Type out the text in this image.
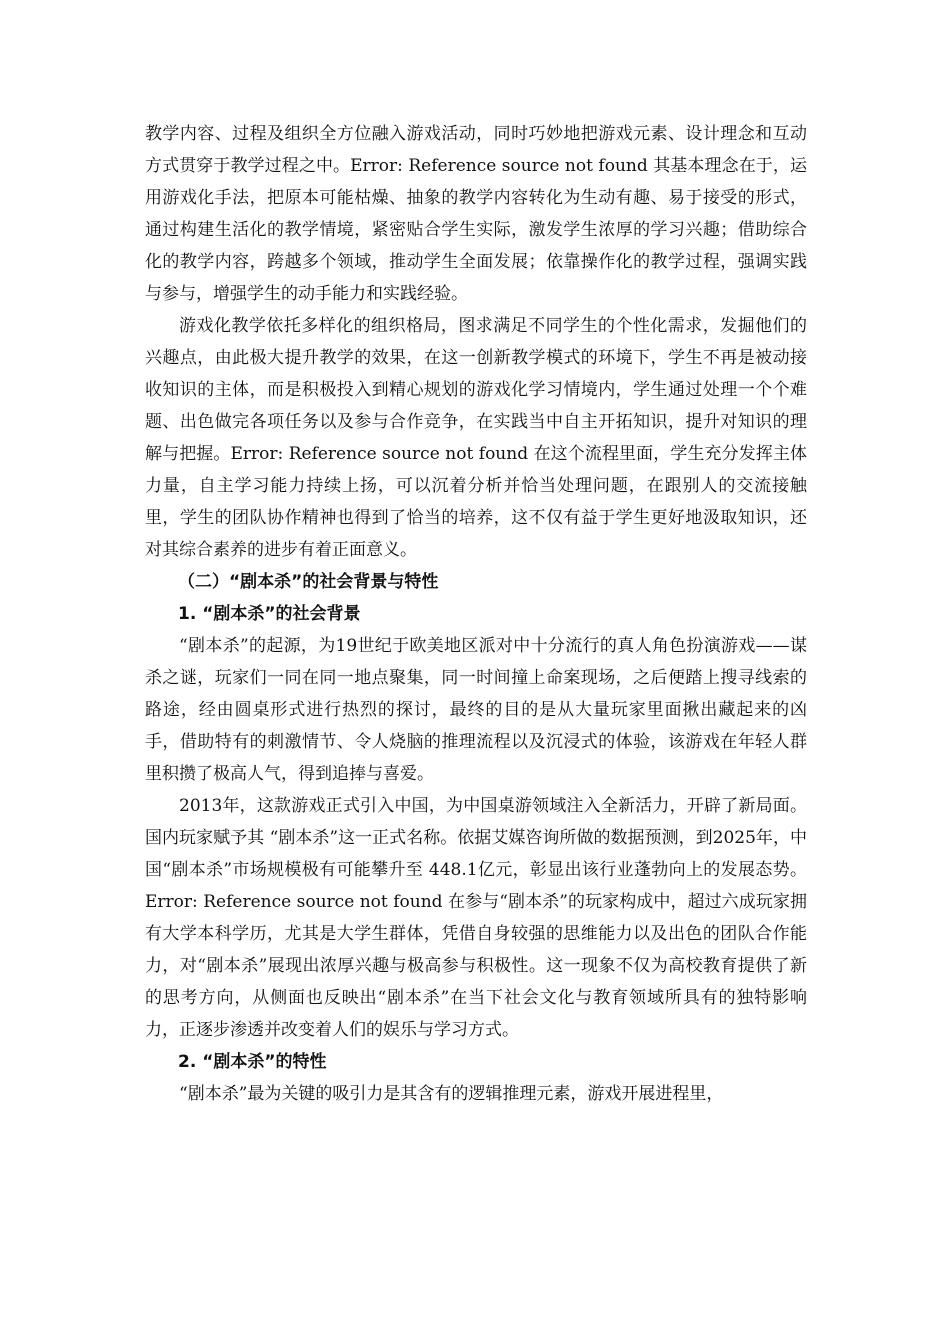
教学内容、过程及组织全方位融入游戏活动，同时巧妙地把游戏元素、设计理念和互动方式贯穿于教学过程之中。Error: Reference source not found 其基本理念在于，运用游戏化手法，把原本可能枯燥、抽象的教学内容转化为生动有趣、易于接受的形式，通过构建生活化的教学情境，紧密贴合学生实际，激发学生浓厚的学习兴趣；借助综合化的教学内容，跨越多个领域，推动学生全面发展；依靠操作化的教学过程，强调实践与参与，增强学生的动手能力和实践经验。

游戏化教学依托多样化的组织格局，图求满足不同学生的个性化需求，发掘他们的兴趣点，由此极大提升教学的效果，在这一创新教学模式的环境下，学生不再是被动接收知识的主体，而是积极投入到精心规划的游戏化学习情境内，学生通过处理一个个难题、出色做完各项任务以及参与合作竞争，在实践当中自主开拓知识，提升对知识的理解与把握。Error: Reference source not found 在这个流程里面，学生充分发挥主体力量，自主学习能力持续上扬，可以沉着分析并恰当处理问题，在跟别人的交流接触里，学生的团队协作精神也得到了恰当的培养，这不仅有益于学生更好地汲取知识，还对其综合素养的进步有着正面意义。

（二）“剧本杀”的社会背景与特性

1. “剧本杀”的社会背景

“剧本杀”的起源，为19世纪于欧美地区派对中十分流行的真人角色扮演游戏——谋杀之谜，玩家们一同在同一地点聚集，同一时间撞上命案现场，之后便踏上搜寻线索的路途，经由圆桌形式进行热烈的探讨，最终的目的是从大量玩家里面揪出藏起来的凶手，借助特有的刺激情节、令人烧脑的推理流程以及沉浸式的体验，该游戏在年轻人群里积攒了极高人气，得到追捧与喜爱。

2013年，这款游戏正式引入中国，为中国桌游领域注入全新活力，开辟了新局面。国内玩家赋予其 “剧本杀”这一正式名称。依据艾媒咨询所做的数据预测，到2025年，中国“剧本杀”市场规模极有可能攀升至 448.1亿元，彰显出该行业蓬勃向上的发展态势。Error: Reference source not found 在参与“剧本杀”的玩家构成中，超过六成玩家拥有大学本科学历，尤其是大学生群体，凭借自身较强的思维能力以及出色的团队合作能力，对“剧本杀”展现出浓厚兴趣与极高参与积极性。这一现象不仅为高校教育提供了新的思考方向，从侧面也反映出“剧本杀”在当下社会文化与教育领域所具有的独特影响力，正逐步渗透并改变着人们的娱乐与学习方式。

2. “剧本杀”的特性

“剧本杀”最为关键的吸引力是其含有的逻辑推理元素，游戏开展进程里，
